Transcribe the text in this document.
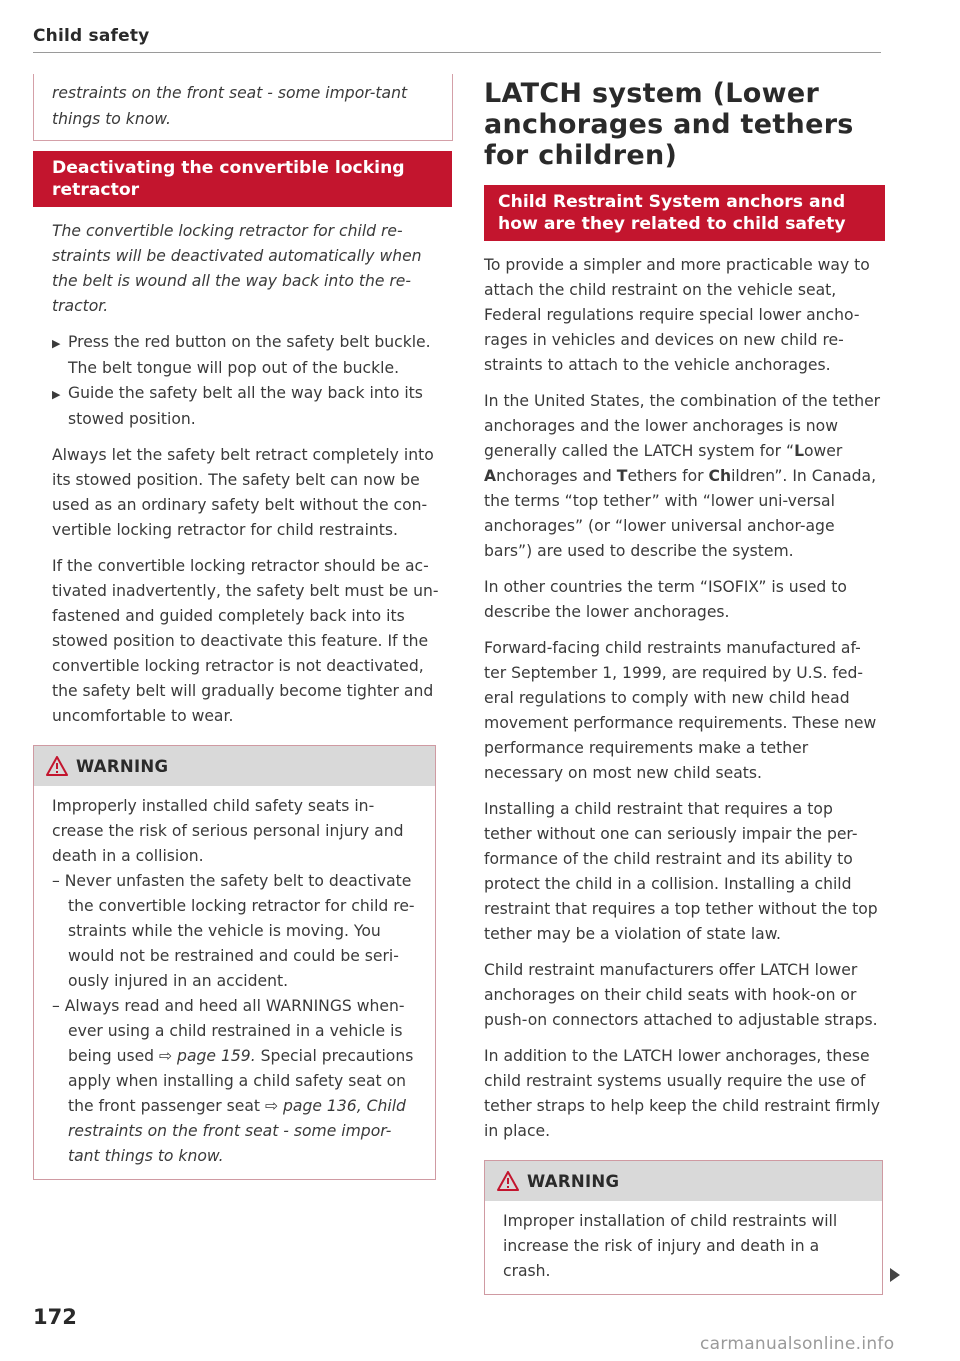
Child safety
restraints on the front seat - some impor-tant things to know.
Deactivating the convertible locking retractor

The convertible locking retractor for child re-straints will be deactivated automatically when the belt is wound all the way back into the re-tractor.

▶ Press the red button on the safety belt buckle. The belt tongue will pop out of the buckle.

▶ Guide the safety belt all the way back into its stowed position.

Always let the safety belt retract completely into its stowed position. The safety belt can now be used as an ordinary safety belt without the con-vertible locking retractor for child restraints.

If the convertible locking retractor should be ac-tivated inadvertently, the safety belt must be un-fastened and guided completely back into its stowed position to deactivate this feature. If the convertible locking retractor is not deactivated, the safety belt will gradually become tighter and uncomfortable to wear.

WARNING

Improperly installed child safety seats in-crease the risk of serious personal injury and death in a collision.

– Never unfasten the safety belt to deactivate the convertible locking retractor for child re-straints while the vehicle is moving. You would not be restrained and could be seri-ously injured in an accident.

– Always read and heed all WARNINGS when-ever using a child restrained in a vehicle is being used ⇨ page 159. Special precautions apply when installing a child safety seat on the front passenger seat ⇨ page 136, Child restraints on the front seat - some impor-tant things to know.

LATCH system (Lower anchorages and tethers for children)
Child Restraint System anchors and how are they related to child safety

To provide a simpler and more practicable way to attach the child restraint on the vehicle seat, Federal regulations require special lower ancho-rages in vehicles and devices on new child re-straints to attach to the vehicle anchorages.

In the United States, the combination of the tether anchorages and the lower anchorages is now generally called the LATCH system for “Lower Anchorages and Tethers for Children”. In Canada, the terms “top tether” with “lower uni-versal anchorages” (or “lower universal anchor-age bars”) are used to describe the system.

In other countries the term “ISOFIX” is used to describe the lower anchorages.

Forward-facing child restraints manufactured af-ter September 1, 1999, are required by U.S. fed-eral regulations to comply with new child head movement performance requirements. These new performance requirements make a tether necessary on most new child seats.

Installing a child restraint that requires a top tether without one can seriously impair the per-formance of the child restraint and its ability to protect the child in a collision. Installing a child restraint that requires a top tether without the top tether may be a violation of state law.

Child restraint manufacturers offer LATCH lower anchorages on their child seats with hook-on or push-on connectors attached to adjustable straps.

In addition to the LATCH lower anchorages, these child restraint systems usually require the use of tether straps to help keep the child restraint firmly in place.

WARNING

Improper installation of child restraints will increase the risk of injury and death in a crash.

172
carmanualsonline.info
